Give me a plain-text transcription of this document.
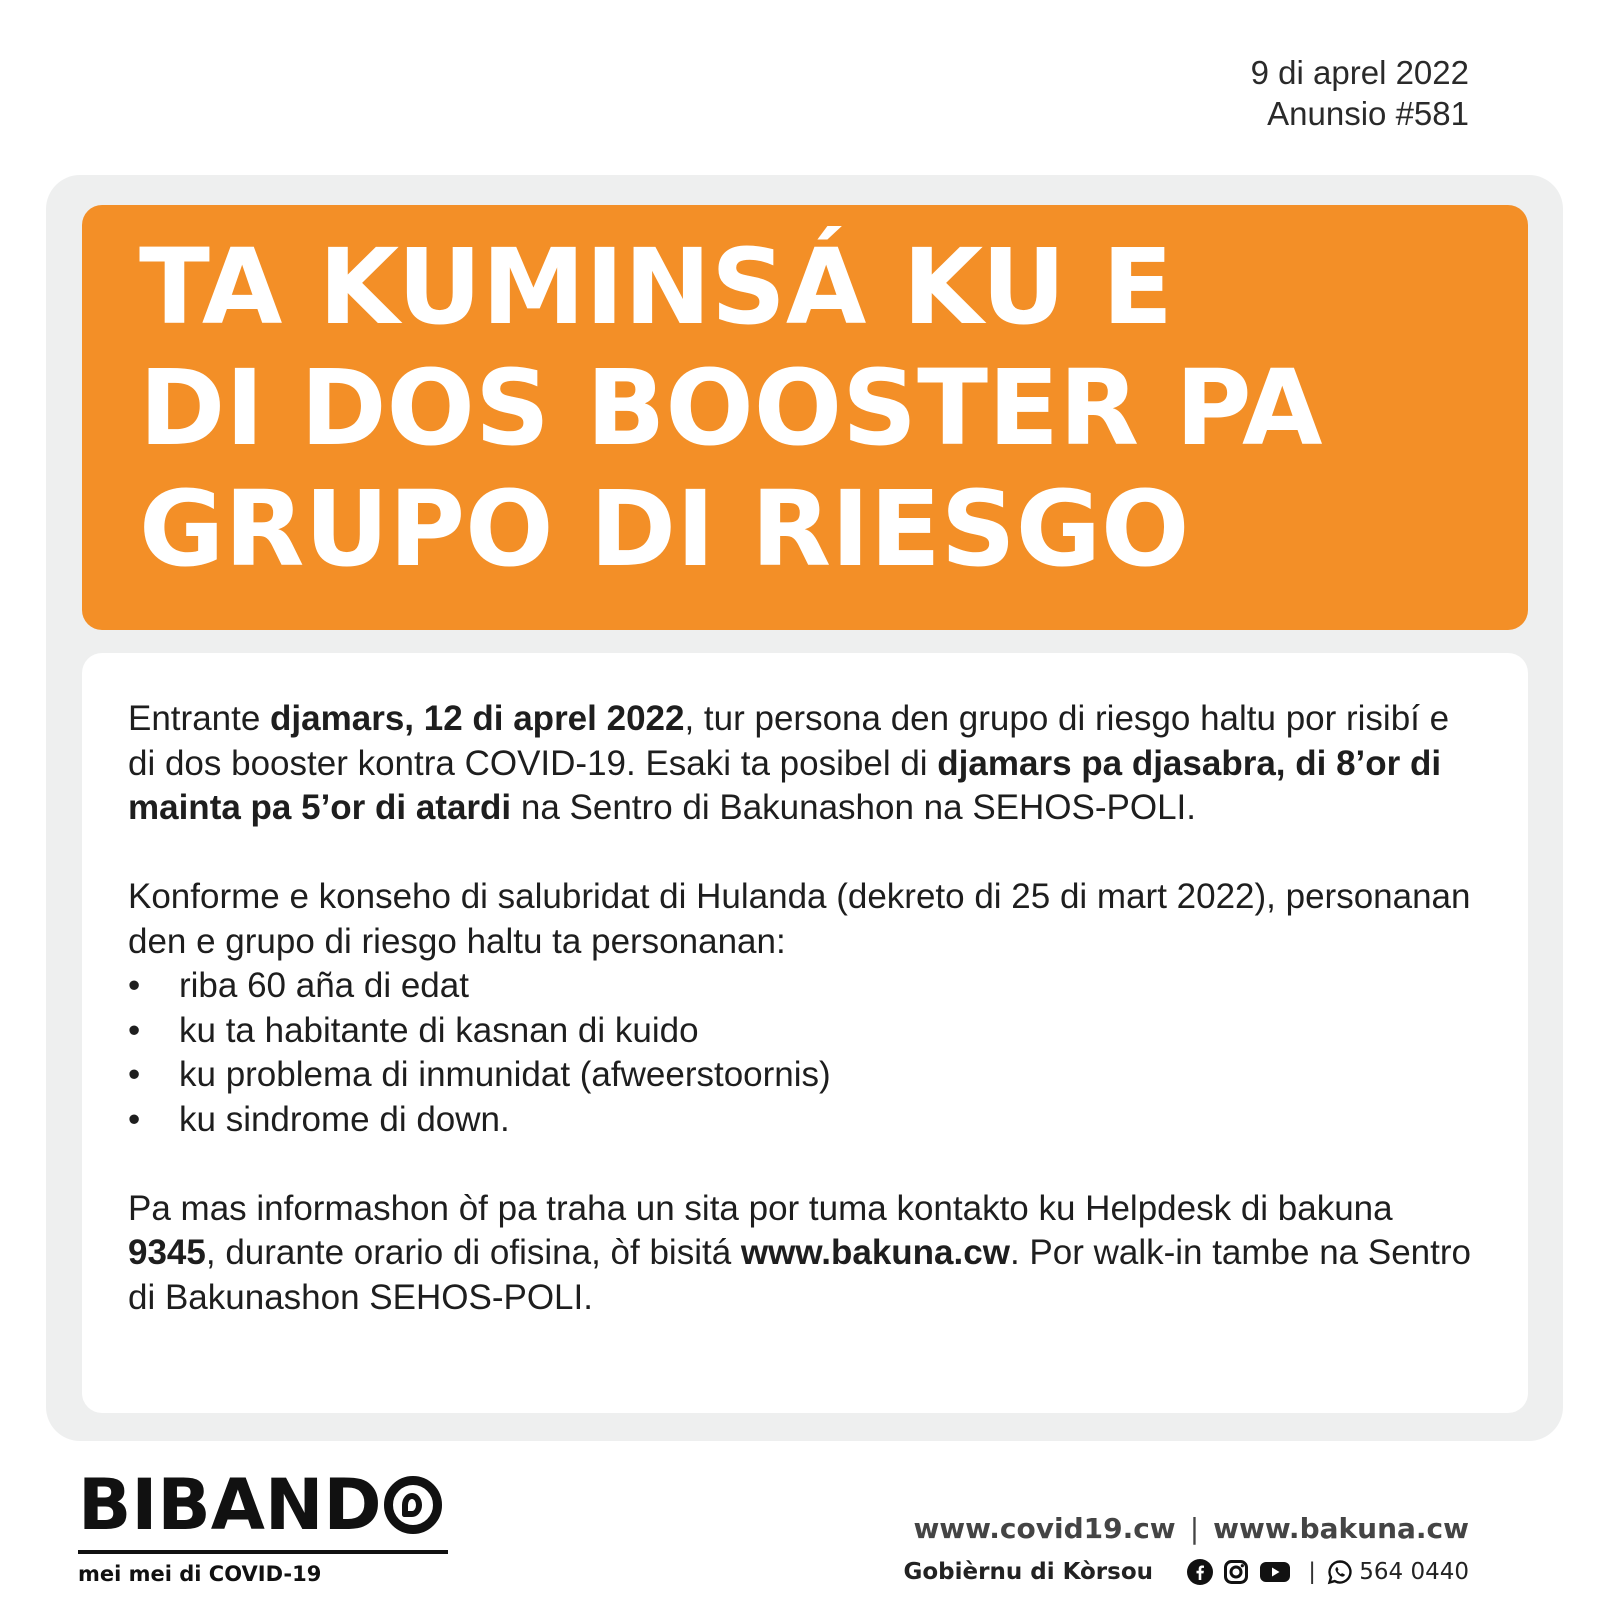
9 di aprel 2022
Anunsio #581
TA KUMINSÁ KU E
DI DOS BOOSTER PA
GRUPO DI RIESGO

Entrante djamars, 12 di aprel 2022, tur persona den grupo di riesgo haltu por risibí e di dos booster kontra COVID-19. Esaki ta posibel di djamars pa djasabra, di 8’or di mainta pa 5’or di atardi na Sentro di Bakunashon na SEHOS-POLI.

Konforme e konseho di salubridat di Hulanda (dekreto di 25 di mart 2022), personanan den e grupo di riesgo haltu ta personanan:

• riba 60 aña di edat
• ku ta habitante di kasnan di kuido
• ku problema di inmunidat (afweerstoornis)
• ku sindrome di down.

Pa mas informashon òf pa traha un sita por tuma kontakto ku Helpdesk di bakuna 9345, durante orario di ofisina, òf bisitá www.bakuna.cw. Por walk-in tambe na Sentro di Bakunashon SEHOS-POLI.

BIBAND
mei mei di COVID-19
www.covid19.cw | www.bakuna.cw
Gobièrnu di Kòrsou	| 564 0440
